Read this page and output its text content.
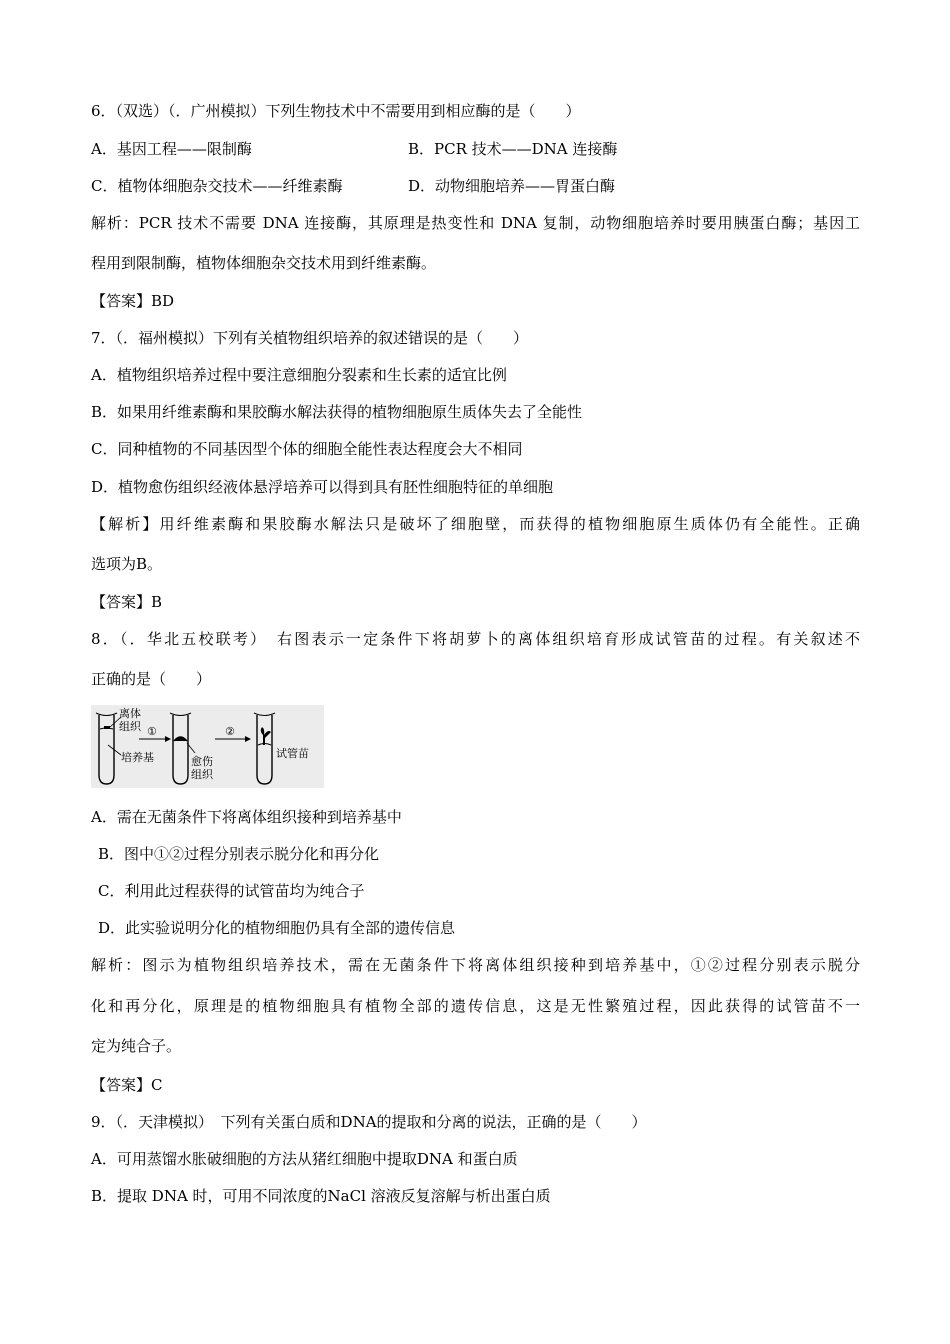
6．（双选）（．广州模拟）下列生物技术中不需要用到相应酶的是（　　）
A．基因工程——限制酶	B．PCR 技术——DNA 连接酶
C．植物体细胞杂交技术——纤维素酶	D．动物细胞培养——胃蛋白酶
解析：PCR 技术不需要 DNA 连接酶，其原理是热变性和 DNA 复制，动物细胞培养时要用胰蛋白酶；基因工
程用到限制酶，植物体细胞杂交技术用到纤维素酶。
【答案】BD
7．（．福州模拟）下列有关植物组织培养的叙述错误的是（　　）
A．植物组织培养过程中要注意细胞分裂素和生长素的适宜比例
B．如果用纤维素酶和果胶酶水解法获得的植物细胞原生质体失去了全能性
C．同种植物的不同基因型个体的细胞全能性表达程度会大不相同
D．植物愈伤组织经液体悬浮培养可以得到具有胚性细胞特征的单细胞
【解析】用纤维素酶和果胶酶水解法只是破坏了细胞壁，而获得的植物细胞原生质体仍有全能性。正确
选项为B。
【答案】B
8．（．华北五校联考）　右图表示一定条件下将胡萝卜的离体组织培育形成试管苗的过程。有关叙述不
正确的是（　　）
离体
组织
培养基
①
愈伤
组织
②
试管苗
A．需在无菌条件下将离体组织接种到培养基中
B．图中①②过程分别表示脱分化和再分化
C．利用此过程获得的试管苗均为纯合子
D．此实验说明分化的植物细胞仍具有全部的遗传信息
解析：图示为植物组织培养技术，需在无菌条件下将离体组织接种到培养基中，①②过程分别表示脱分
化和再分化，原理是的植物细胞具有植物全部的遗传信息，这是无性繁殖过程，因此获得的试管苗不一
定为纯合子。
【答案】C
9．（．天津模拟）　下列有关蛋白质和DNA的提取和分离的说法，正确的是（　　）
A．可用蒸馏水胀破细胞的方法从猪红细胞中提取DNA 和蛋白质
B．提取 DNA 时，可用不同浓度的NaCl 溶液反复溶解与析出蛋白质
